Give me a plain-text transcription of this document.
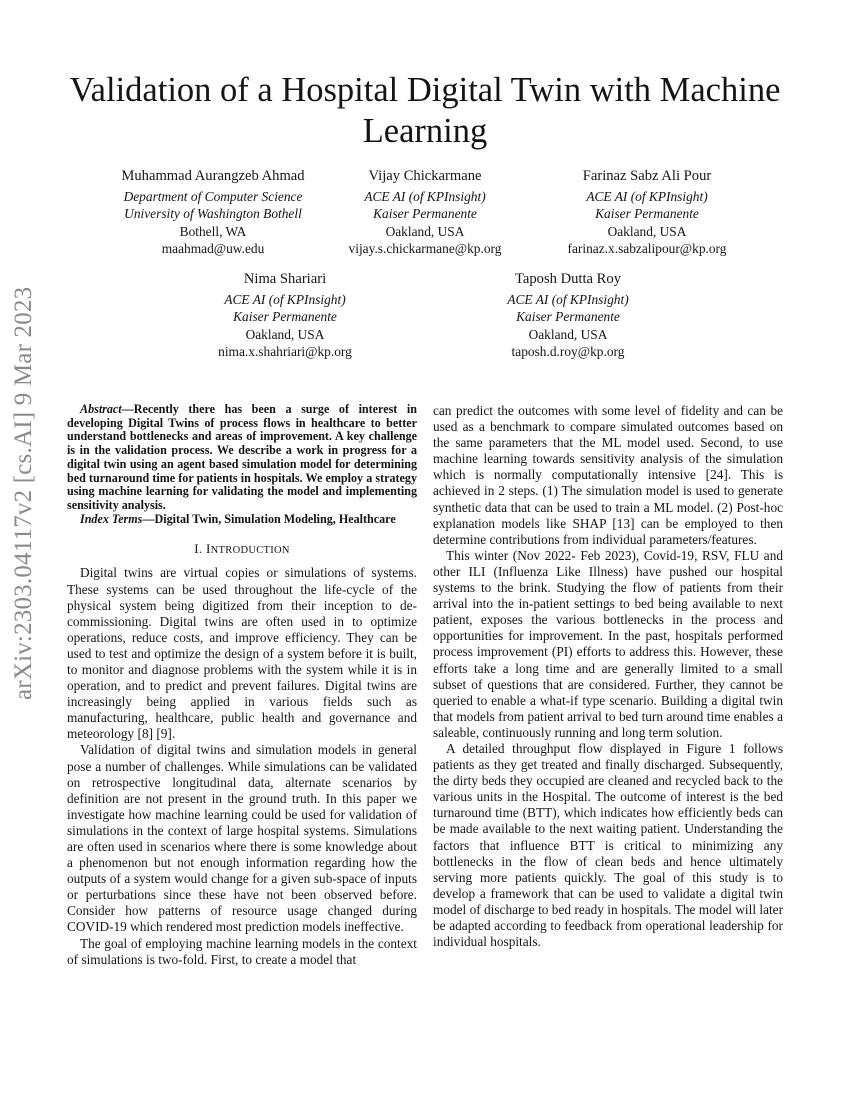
arXiv:2303.04117v2 [cs.AI] 9 Mar 2023
Validation of a Hospital Digital Twin with Machine Learning
Muhammad Aurangzeb Ahmad
Department of Computer Science
University of Washington Bothell
Bothell, WA
maahmad@uw.edu
Vijay Chickarmane
ACE AI (of KPInsight)
Kaiser Permanente
Oakland, USA
vijay.s.chickarmane@kp.org
Farinaz Sabz Ali Pour
ACE AI (of KPInsight)
Kaiser Permanente
Oakland, USA
farinaz.x.sabzalipour@kp.org
Nima Shariari
ACE AI (of KPInsight)
Kaiser Permanente
Oakland, USA
nima.x.shahriari@kp.org
Taposh Dutta Roy
ACE AI (of KPInsight)
Kaiser Permanente
Oakland, USA
taposh.d.roy@kp.org

Abstract—Recently there has been a surge of interest in developing Digital Twins of process flows in healthcare to better understand bottlenecks and areas of improvement. A key challenge is in the validation process. We describe a work in progress for a digital twin using an agent based simulation model for determining bed turnaround time for patients in hospitals. We employ a strategy using machine learning for validating the model and implementing sensitivity analysis.

Index Terms—Digital Twin, Simulation Modeling, Healthcare

I. INTRODUCTION

Digital twins are virtual copies or simulations of systems. These systems can be used throughout the life-cycle of the physical system being digitized from their inception to de-commissioning. Digital twins are often used in to optimize operations, reduce costs, and improve efficiency. They can be used to test and optimize the design of a system before it is built, to monitor and diagnose problems with the system while it is in operation, and to predict and prevent failures. Digital twins are increasingly being applied in various fields such as manufacturing, healthcare, public health and governance and meteorology [8] [9].

Validation of digital twins and simulation models in general pose a number of challenges. While simulations can be validated on retrospective longitudinal data, alternate scenarios by definition are not present in the ground truth. In this paper we investigate how machine learning could be used for validation of simulations in the context of large hospital systems. Simulations are often used in scenarios where there is some knowledge about a phenomenon but not enough information regarding how the outputs of a system would change for a given sub-space of inputs or perturbations since these have not been observed before. Consider how patterns of resource usage changed during COVID-19 which rendered most prediction models ineffective.

The goal of employing machine learning models in the context of simulations is two-fold. First, to create a model that

can predict the outcomes with some level of fidelity and can be used as a benchmark to compare simulated outcomes based on the same parameters that the ML model used. Second, to use machine learning towards sensitivity analysis of the simulation which is normally computationally intensive [24]. This is achieved in 2 steps. (1) The simulation model is used to generate synthetic data that can be used to train a ML model. (2) Post-hoc explanation models like SHAP [13] can be employed to then determine contributions from individual parameters/features.

This winter (Nov 2022- Feb 2023), Covid-19, RSV, FLU and other ILI (Influenza Like Illness) have pushed our hospital systems to the brink. Studying the flow of patients from their arrival into the in-patient settings to bed being available to next patient, exposes the various bottlenecks in the process and opportunities for improvement. In the past, hospitals performed process improvement (PI) efforts to address this. However, these efforts take a long time and are generally limited to a small subset of questions that are considered. Further, they cannot be queried to enable a what-if type scenario. Building a digital twin that models from patient arrival to bed turn around time enables a saleable, continuously running and long term solution.

A detailed throughput flow displayed in Figure 1 follows patients as they get treated and finally discharged. Subsequently, the dirty beds they occupied are cleaned and recycled back to the various units in the Hospital. The outcome of interest is the bed turnaround time (BTT), which indicates how efficiently beds can be made available to the next waiting patient. Understanding the factors that influence BTT is critical to minimizing any bottlenecks in the flow of clean beds and hence ultimately serving more patients quickly. The goal of this study is to develop a framework that can be used to validate a digital twin model of discharge to bed ready in hospitals. The model will later be adapted according to feedback from operational leadership for individual hospitals.
